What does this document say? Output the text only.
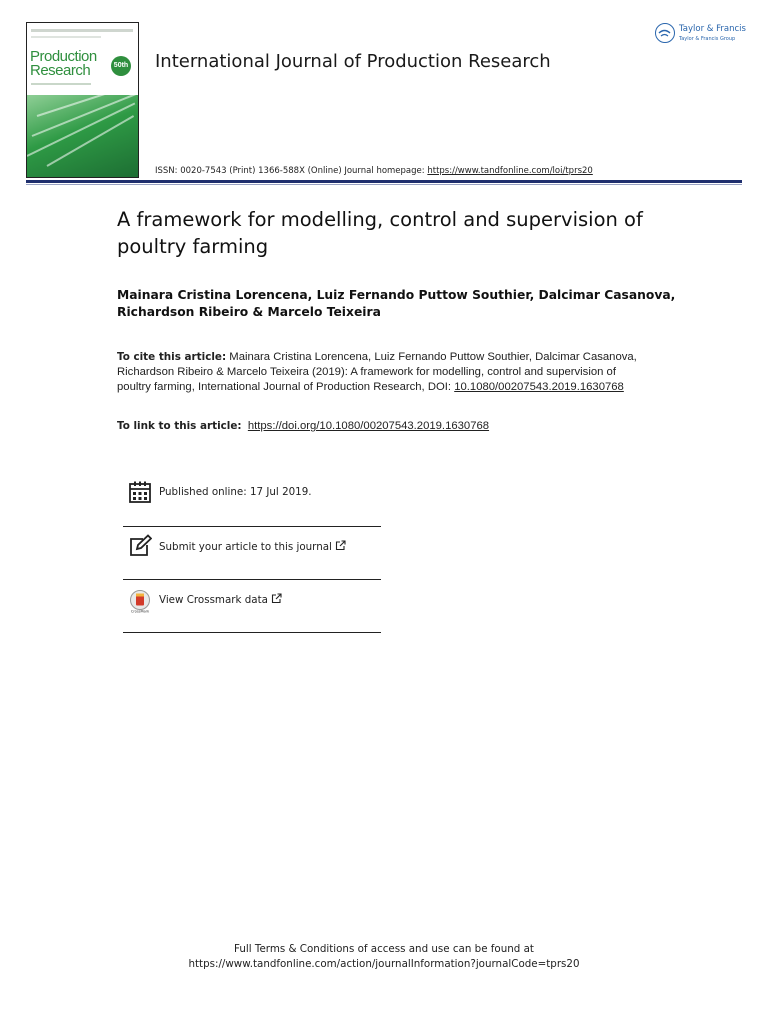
Production
Research	50th International Journal of Production Research
Taylor & Francis
Taylor & Francis Group
ISSN: 0020-7543 (Print) 1366-588X (Online) Journal homepage: https://www.tandfonline.com/loi/tprs20
A framework for modelling, control and supervision of poultry farming
Mainara Cristina Lorencena, Luiz Fernando Puttow Southier, Dalcimar Casanova, Richardson Ribeiro & Marcelo Teixeira
To cite this article: Mainara Cristina Lorencena, Luiz Fernando Puttow Southier, Dalcimar Casanova, Richardson Ribeiro & Marcelo Teixeira (2019): A framework for modelling, control and supervision of poultry farming, International Journal of Production Research, DOI: 10.1080/00207543.2019.1630768
To link to this article: https://doi.org/10.1080/00207543.2019.1630768
Published online: 17 Jul 2019.
Submit your article to this journal
CrossMark
View Crossmark data
Full Terms & Conditions of access and use can be found at
https://www.tandfonline.com/action/journalInformation?journalCode=tprs20
